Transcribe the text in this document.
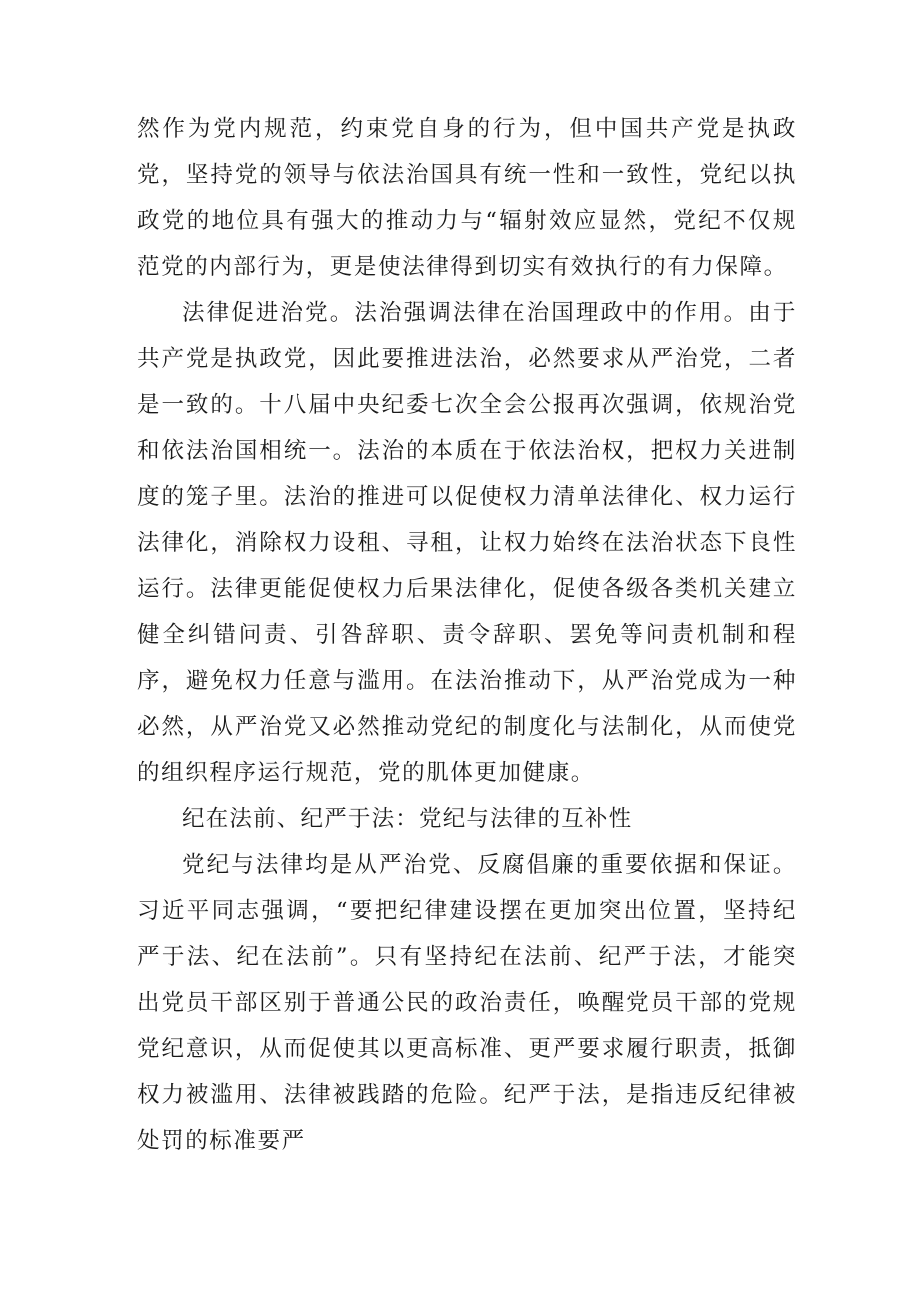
然作为党内规范，约束党自身的行为，但中国共产党是执政党，坚持党的领导与依法治国具有统一性和一致性，党纪以执政党的地位具有强大的推动力与“辐射效应显然，党纪不仅规范党的内部行为，更是使法律得到切实有效执行的有力保障。

法律促进治党。法治强调法律在治国理政中的作用。由于共产党是执政党，因此要推进法治，必然要求从严治党，二者是一致的。十八届中央纪委七次全会公报再次强调，依规治党和依法治国相统一。法治的本质在于依法治权，把权力关进制度的笼子里。法治的推进可以促使权力清单法律化、权力运行法律化，消除权力设租、寻租，让权力始终在法治状态下良性运行。法律更能促使权力后果法律化，促使各级各类机关建立健全纠错问责、引咎辞职、责令辞职、罢免等问责机制和程序，避免权力任意与滥用。在法治推动下，从严治党成为一种必然，从严治党又必然推动党纪的制度化与法制化，从而使党的组织程序运行规范，党的肌体更加健康。

纪在法前、纪严于法：党纪与法律的互补性

党纪与法律均是从严治党、反腐倡廉的重要依据和保证。习近平同志强调，“要把纪律建设摆在更加突出位置，坚持纪严于法、纪在法前”。只有坚持纪在法前、纪严于法，才能突出党员干部区别于普通公民的政治责任，唤醒党员干部的党规党纪意识，从而促使其以更高标准、更严要求履行职责，抵御权力被滥用、法律被践踏的危险。纪严于法，是指违反纪律被处罚的标准要严
